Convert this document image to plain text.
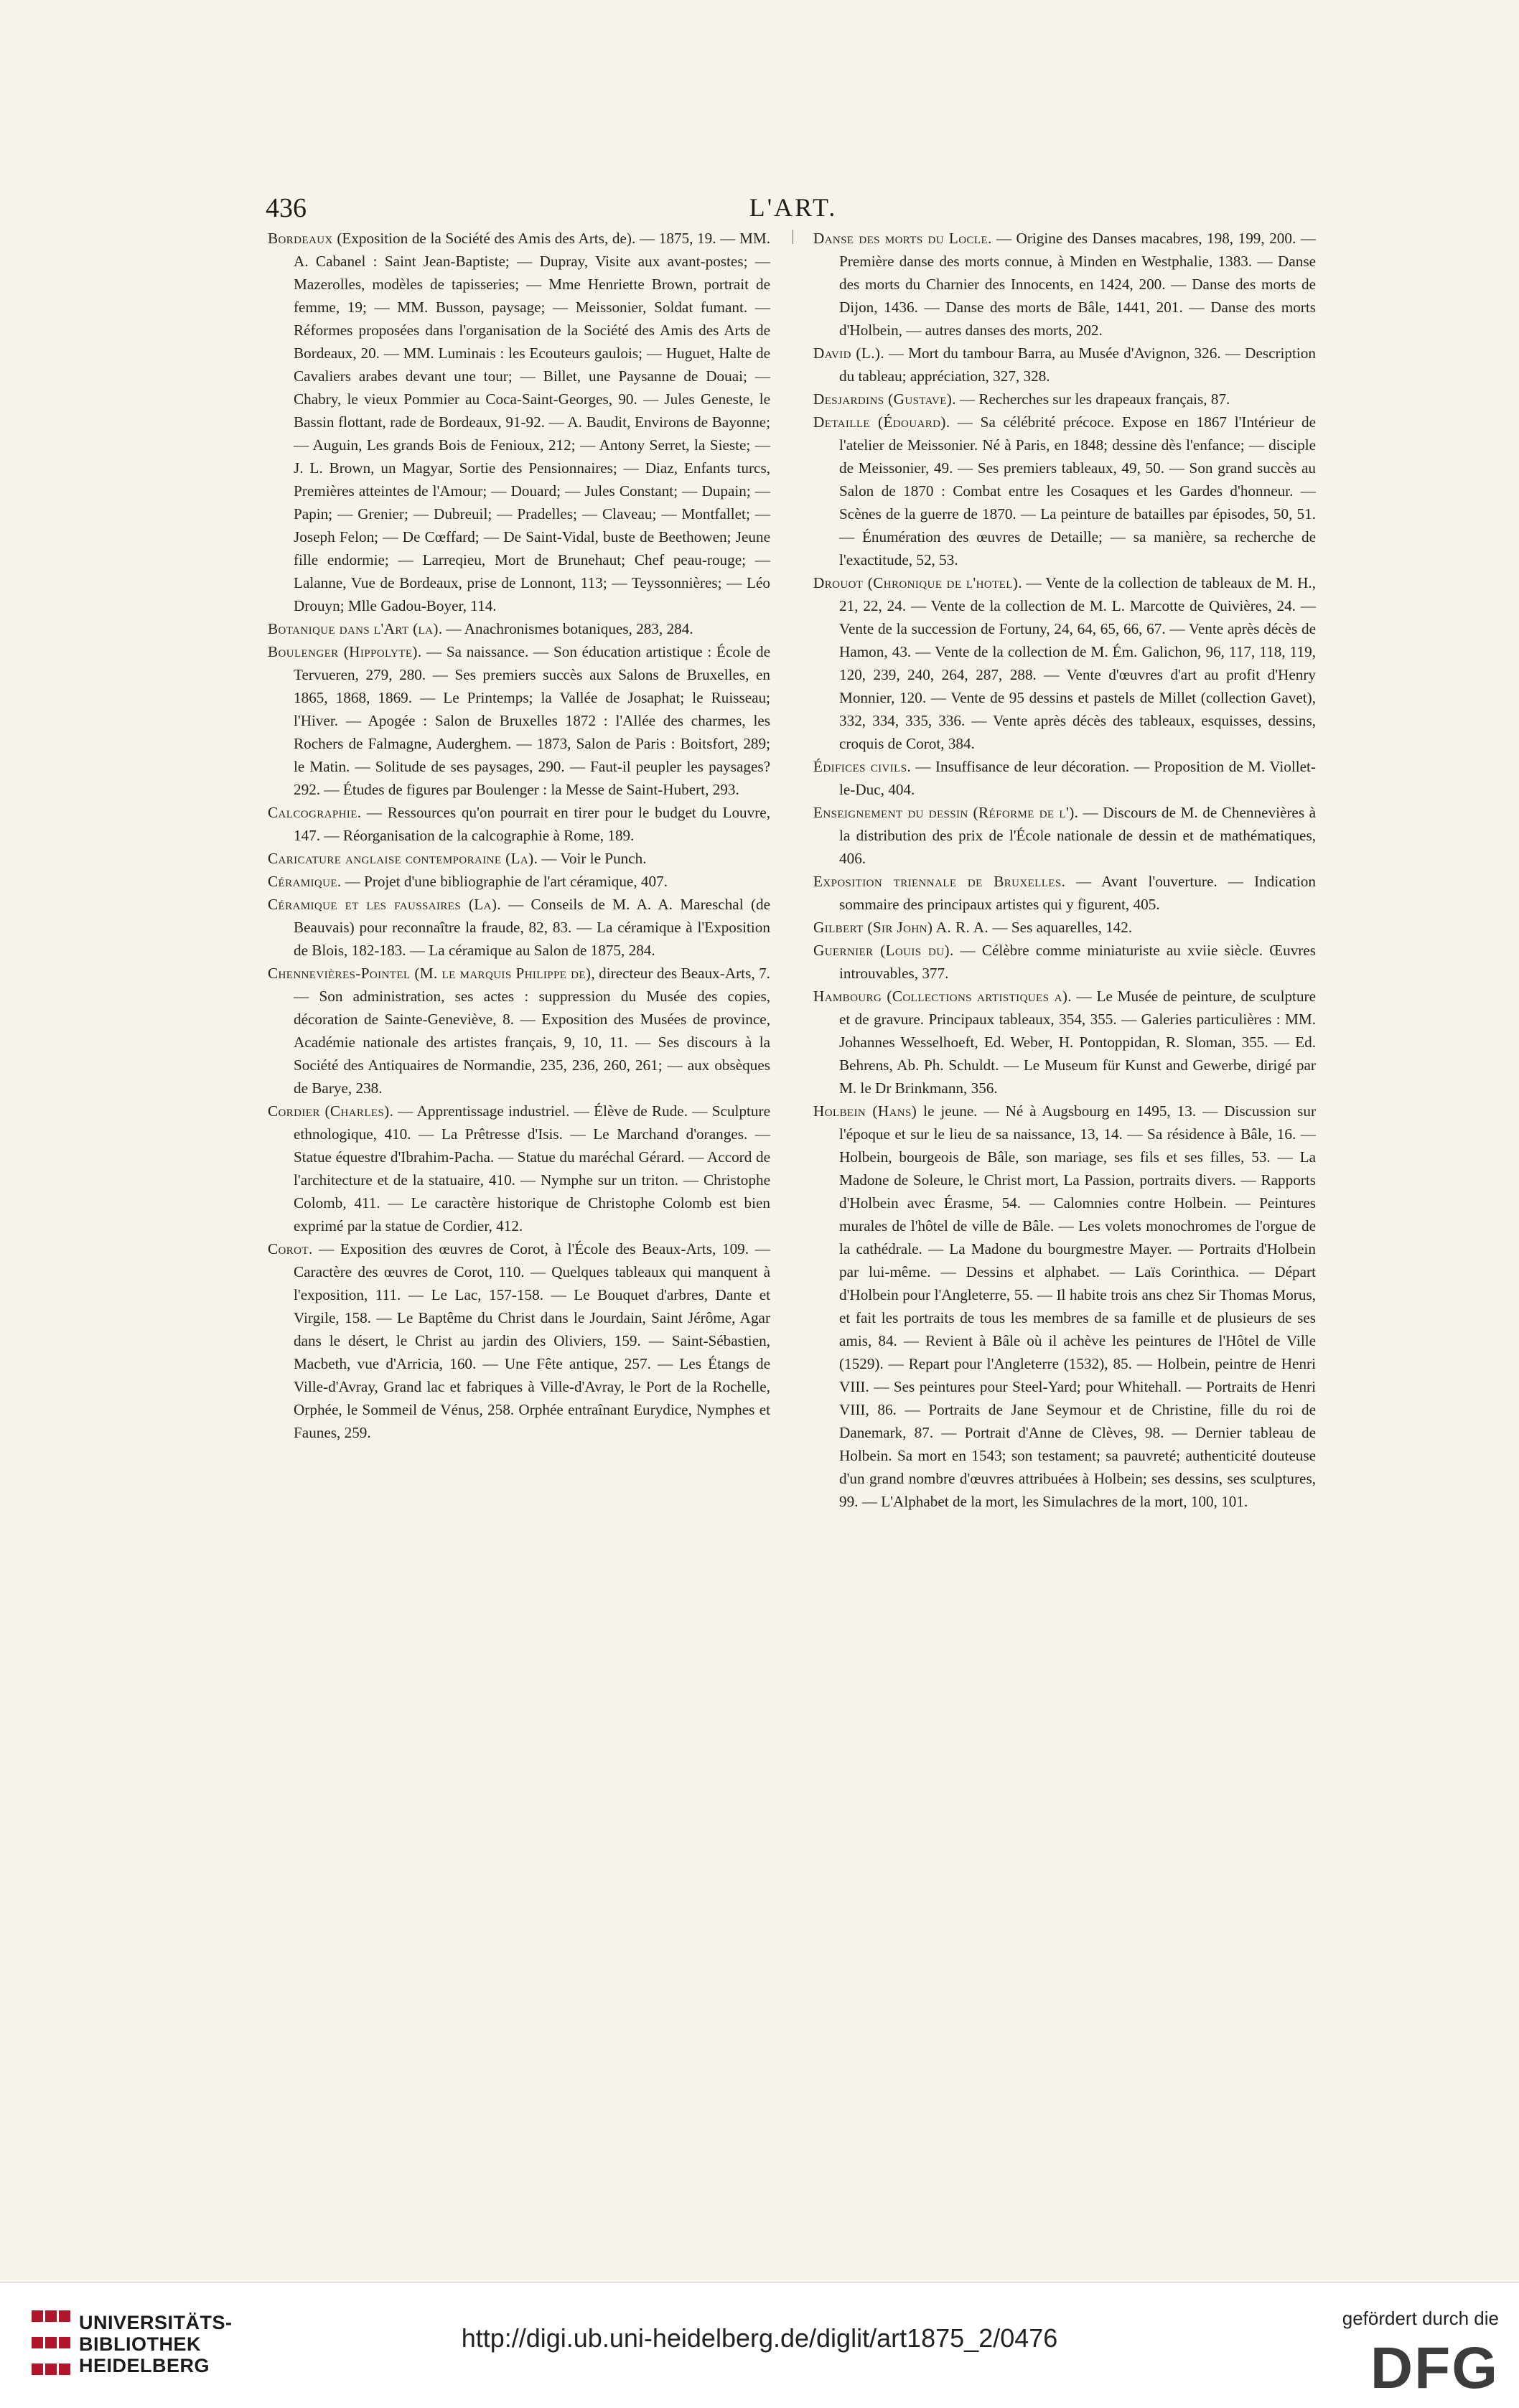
436	L'ART.

Bordeaux (Exposition de la Société des Amis des Arts, de). — 1875, 19. — MM. A. Cabanel : Saint Jean-Baptiste; — Dupray, Visite aux avant-postes; — Mazerolles, modèles de tapisseries; — Mme Henriette Brown, portrait de femme, 19; — MM. Busson, paysage; — Meissonier, Soldat fumant. — Réformes proposées dans l'organisation de la Société des Amis des Arts de Bordeaux, 20. — MM. Luminais : les Ecouteurs gaulois; — Huguet, Halte de Cavaliers arabes devant une tour; — Billet, une Paysanne de Douai; — Chabry, le vieux Pommier au Coca-Saint-Georges, 90. — Jules Geneste, le Bassin flottant, rade de Bordeaux, 91-92. — A. Baudit, Environs de Bayonne; — Auguin, Les grands Bois de Fenioux, 212; — Antony Serret, la Sieste; — J. L. Brown, un Magyar, Sortie des Pensionnaires; — Diaz, Enfants turcs, Premières atteintes de l'Amour; — Douard; — Jules Constant; — Dupain; — Papin; — Grenier; — Dubreuil; — Pradelles; — Claveau; — Montfallet; — Joseph Felon; — De Cœffard; — De Saint-Vidal, buste de Beethowen; Jeune fille endormie; — Larreqieu, Mort de Brunehaut; Chef peau-rouge; — Lalanne, Vue de Bordeaux, prise de Lonnont, 113; — Teyssonnières; — Léo Drouyn; Mlle Gadou-Boyer, 114.

Botanique dans l'Art (la). — Anachronismes botaniques, 283, 284.

Boulenger (Hippolyte). — Sa naissance. — Son éducation artistique : École de Tervueren, 279, 280. — Ses premiers succès aux Salons de Bruxelles, en 1865, 1868, 1869. — Le Printemps; la Vallée de Josaphat; le Ruisseau; l'Hiver. — Apogée : Salon de Bruxelles 1872 : l'Allée des charmes, les Rochers de Falmagne, Auderghem. — 1873, Salon de Paris : Boitsfort, 289; le Matin. — Solitude de ses paysages, 290. — Faut-il peupler les paysages? 292. — Études de figures par Boulenger : la Messe de Saint-Hubert, 293.

Calcographie. — Ressources qu'on pourrait en tirer pour le budget du Louvre, 147. — Réorganisation de la calcographie à Rome, 189.

Caricature anglaise contemporaine (La). — Voir le Punch.

Céramique. — Projet d'une bibliographie de l'art céramique, 407.

Céramique et les faussaires (La). — Conseils de M. A. A. Mareschal (de Beauvais) pour reconnaître la fraude, 82, 83. — La céramique à l'Exposition de Blois, 182-183. — La céramique au Salon de 1875, 284.

Chennevières-Pointel (M. le marquis Philippe de), directeur des Beaux-Arts, 7. — Son administration, ses actes : suppression du Musée des copies, décoration de Sainte-Geneviève, 8. — Exposition des Musées de province, Académie nationale des artistes français, 9, 10, 11. — Ses discours à la Société des Antiquaires de Normandie, 235, 236, 260, 261; — aux obsèques de Barye, 238.

Cordier (Charles). — Apprentissage industriel. — Élève de Rude. — Sculpture ethnologique, 410. — La Prêtresse d'Isis. — Le Marchand d'oranges. — Statue équestre d'Ibrahim-Pacha. — Statue du maréchal Gérard. — Accord de l'architecture et de la statuaire, 410. — Nymphe sur un triton. — Christophe Colomb, 411. — Le caractère historique de Christophe Colomb est bien exprimé par la statue de Cordier, 412.

Corot. — Exposition des œuvres de Corot, à l'École des Beaux-Arts, 109. — Caractère des œuvres de Corot, 110. — Quelques tableaux qui manquent à l'exposition, 111. — Le Lac, 157-158. — Le Bouquet d'arbres, Dante et Virgile, 158. — Le Baptême du Christ dans le Jourdain, Saint Jérôme, Agar dans le désert, le Christ au jardin des Oliviers, 159. — Saint-Sébastien, Macbeth, vue d'Arricia, 160. — Une Fête antique, 257. — Les Étangs de Ville-d'Avray, Grand lac et fabriques à Ville-d'Avray, le Port de la Rochelle, Orphée, le Sommeil de Vénus, 258. Orphée entraînant Eurydice, Nymphes et Faunes, 259.

Danse des morts du Locle. — Origine des Danses macabres, 198, 199, 200. — Première danse des morts connue, à Minden en Westphalie, 1383. — Danse des morts du Charnier des Innocents, en 1424, 200. — Danse des morts de Dijon, 1436. — Danse des morts de Bâle, 1441, 201. — Danse des morts d'Holbein, — autres danses des morts, 202.

David (L.). — Mort du tambour Barra, au Musée d'Avignon, 326. — Description du tableau; appréciation, 327, 328.

Desjardins (Gustave). — Recherches sur les drapeaux français, 87.

Detaille (Édouard). — Sa célébrité précoce. Expose en 1867 l'Intérieur de l'atelier de Meissonier. Né à Paris, en 1848; dessine dès l'enfance; — disciple de Meissonier, 49. — Ses premiers tableaux, 49, 50. — Son grand succès au Salon de 1870 : Combat entre les Cosaques et les Gardes d'honneur. — Scènes de la guerre de 1870. — La peinture de batailles par épisodes, 50, 51. — Énumération des œuvres de Detaille; — sa manière, sa recherche de l'exactitude, 52, 53.

Drouot (Chronique de l'hotel). — Vente de la collection de tableaux de M. H., 21, 22, 24. — Vente de la collection de M. L. Marcotte de Quivières, 24. — Vente de la succession de Fortuny, 24, 64, 65, 66, 67. — Vente après décès de Hamon, 43. — Vente de la collection de M. Ém. Galichon, 96, 117, 118, 119, 120, 239, 240, 264, 287, 288. — Vente d'œuvres d'art au profit d'Henry Monnier, 120. — Vente de 95 dessins et pastels de Millet (collection Gavet), 332, 334, 335, 336. — Vente après décès des tableaux, esquisses, dessins, croquis de Corot, 384.

Édifices civils. — Insuffisance de leur décoration. — Proposition de M. Viollet-le-Duc, 404.

Enseignement du dessin (Réforme de l'). — Discours de M. de Chennevières à la distribution des prix de l'École nationale de dessin et de mathématiques, 406.

Exposition triennale de Bruxelles. — Avant l'ouverture. — Indication sommaire des principaux artistes qui y figurent, 405.

Gilbert (Sir John) A. R. A. — Ses aquarelles, 142.

Guernier (Louis du). — Célèbre comme miniaturiste au xviie siècle. Œuvres introuvables, 377.

Hambourg (Collections artistiques a). — Le Musée de peinture, de sculpture et de gravure. Principaux tableaux, 354, 355. — Galeries particulières : MM. Johannes Wesselhoeft, Ed. Weber, H. Pontoppidan, R. Sloman, 355. — Ed. Behrens, Ab. Ph. Schuldt. — Le Museum für Kunst and Gewerbe, dirigé par M. le Dr Brinkmann, 356.

Holbein (Hans) le jeune. — Né à Augsbourg en 1495, 13. — Discussion sur l'époque et sur le lieu de sa naissance, 13, 14. — Sa résidence à Bâle, 16. — Holbein, bourgeois de Bâle, son mariage, ses fils et ses filles, 53. — La Madone de Soleure, le Christ mort, La Passion, portraits divers. — Rapports d'Holbein avec Érasme, 54. — Calomnies contre Holbein. — Peintures murales de l'hôtel de ville de Bâle. — Les volets monochromes de l'orgue de la cathédrale. — La Madone du bourgmestre Mayer. — Portraits d'Holbein par lui-même. — Dessins et alphabet. — Laïs Corinthica. — Départ d'Holbein pour l'Angleterre, 55. — Il habite trois ans chez Sir Thomas Morus, et fait les portraits de tous les membres de sa famille et de plusieurs de ses amis, 84. — Revient à Bâle où il achève les peintures de l'Hôtel de Ville (1529). — Repart pour l'Angleterre (1532), 85. — Holbein, peintre de Henri VIII. — Ses peintures pour Steel-Yard; pour Whitehall. — Portraits de Henri VIII, 86. — Portraits de Jane Seymour et de Christine, fille du roi de Danemark, 87. — Portrait d'Anne de Clèves, 98. — Dernier tableau de Holbein. Sa mort en 1543; son testament; sa pauvreté; authenticité douteuse d'un grand nombre d'œuvres attribuées à Holbein; ses dessins, ses sculptures, 99. — L'Alphabet de la mort, les Simulachres de la mort, 100, 101.

UNIVERSITÄTS-
BIBLIOTHEK
HEIDELBERG
http://digi.ub.uni-heidelberg.de/diglit/art1875_2/0476
gefördert durch die
DFG
